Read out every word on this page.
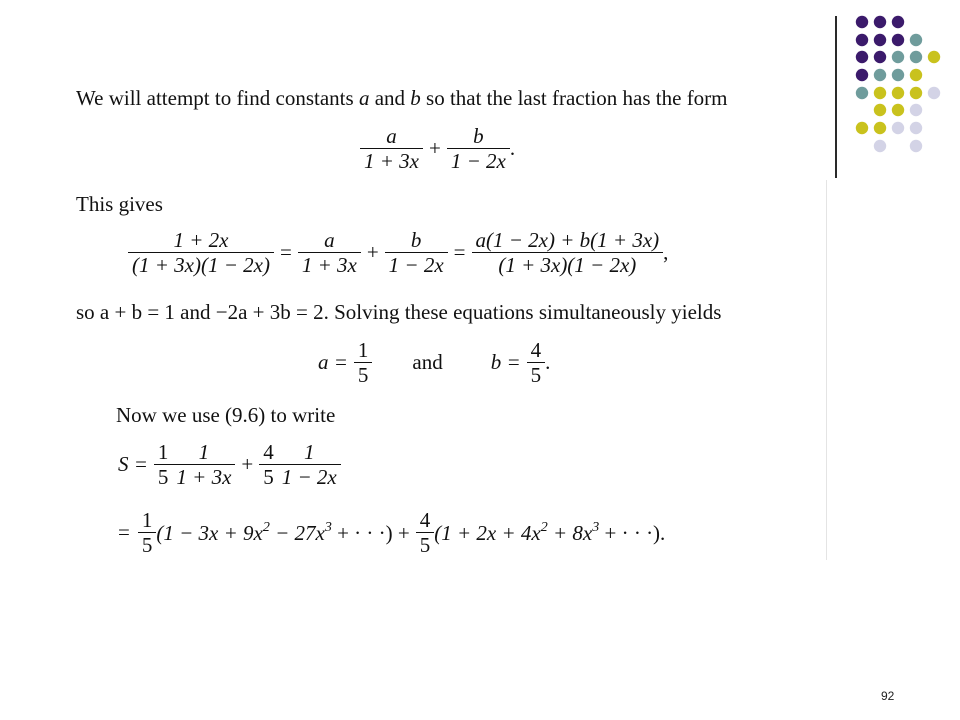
We will attempt to find constants a and b so that the last fraction has the form
$\frac{a}{1 + 3x} + \frac{b}{1 - 2x}$ .
This gives
$\frac{1 + 2x}{(1 + 3x)(1 - 2x)} = \frac{a}{1 + 3x} + \frac{b}{1 - 2x} = \frac{a(1 - 2x) + b(1 + 3x)}{(1 + 3x)(1 - 2x)}$ ,
so a + b = 1 and −2a + 3b = 2. Solving these equations simultaneously yields
$a = \frac{1}{5}$ and $b = \frac{4}{5}$ .
Now we use (9.6) to write
$S = \frac{1}{5} \frac{1}{1 + 3x} + \frac{4}{5} \frac{1}{1 - 2x}$
= $\frac{1}{5} (1 - 3x + 9x^2 - 27x^3$ + · · ·) + $\frac{4}{5} (1 + 2x + 4x^2 + 8x^3$ + · · ·).
92
